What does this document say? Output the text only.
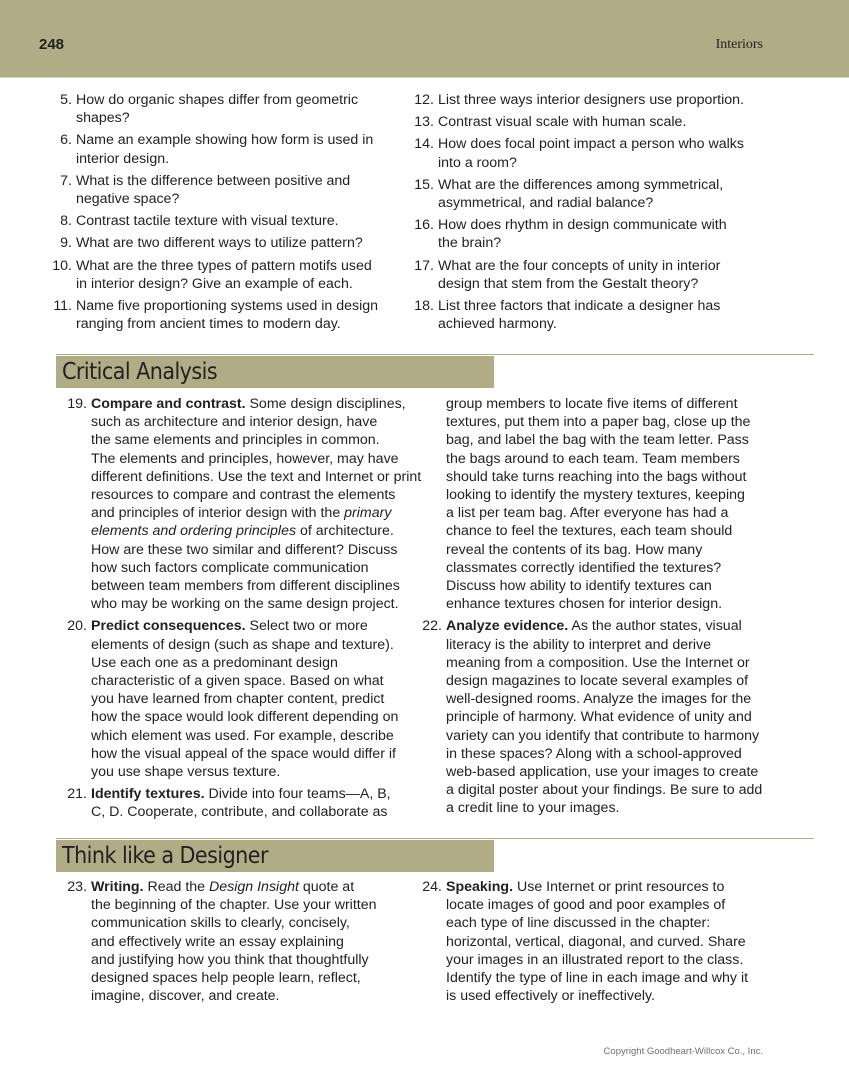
248	Interiors
5. How do organic shapes differ from geometric
shapes?
6. Name an example showing how form is used in
interior design.
7. What is the difference between positive and
negative space?
8. Contrast tactile texture with visual texture.
9. What are two different ways to utilize pattern?
10. What are the three types of pattern motifs used
in interior design? Give an example of each.
11. Name five proportioning systems used in design
ranging from ancient times to modern day.
12. List three ways interior designers use proportion.
13. Contrast visual scale with human scale.
14. How does focal point impact a person who walks
into a room?
15. What are the differences among symmetrical,
asymmetrical, and radial balance?
16. How does rhythm in design communicate with
the brain?
17. What are the four concepts of unity in interior
design that stem from the Gestalt theory?
18. List three factors that indicate a designer has
achieved harmony.
Critical Analysis
19. Compare and contrast. Some design disciplines,
such as architecture and interior design, have
the same elements and principles in common.
The elements and principles, however, may have
different definitions. Use the text and Internet or print
resources to compare and contrast the elements
and principles of interior design with the primary
elements and ordering principles of architecture.
How are these two similar and different? Discuss
how such factors complicate communication
between team members from different disciplines
who may be working on the same design project.
20. Predict consequences. Select two or more
elements of design (such as shape and texture).
Use each one as a predominant design
characteristic of a given space. Based on what
you have learned from chapter content, predict
how the space would look different depending on
which element was used. For example, describe
how the visual appeal of the space would differ if
you use shape versus texture.
21. Identify textures. Divide into four teams—A, B,
C, D. Cooperate, contribute, and collaborate as
group members to locate five items of different
textures, put them into a paper bag, close up the
bag, and label the bag with the team letter. Pass
the bags around to each team. Team members
should take turns reaching into the bags without
looking to identify the mystery textures, keeping
a list per team bag. After everyone has had a
chance to feel the textures, each team should
reveal the contents of its bag. How many
classmates correctly identified the textures?
Discuss how ability to identify textures can
enhance textures chosen for interior design.
22. Analyze evidence. As the author states, visual
literacy is the ability to interpret and derive
meaning from a composition. Use the Internet or
design magazines to locate several examples of
well-designed rooms. Analyze the images for the
principle of harmony. What evidence of unity and
variety can you identify that contribute to harmony
in these spaces? Along with a school-approved
web-based application, use your images to create
a digital poster about your findings. Be sure to add
a credit line to your images.
Think like a Designer
23. Writing. Read the Design Insight quote at
the beginning of the chapter. Use your written
communication skills to clearly, concisely,
and effectively write an essay explaining
and justifying how you think that thoughtfully
designed spaces help people learn, reflect,
imagine, discover, and create.
24. Speaking. Use Internet or print resources to
locate images of good and poor examples of
each type of line discussed in the chapter:
horizontal, vertical, diagonal, and curved. Share
your images in an illustrated report to the class.
Identify the type of line in each image and why it
is used effectively or ineffectively.
Copyright Goodheart-Willcox Co., Inc.
